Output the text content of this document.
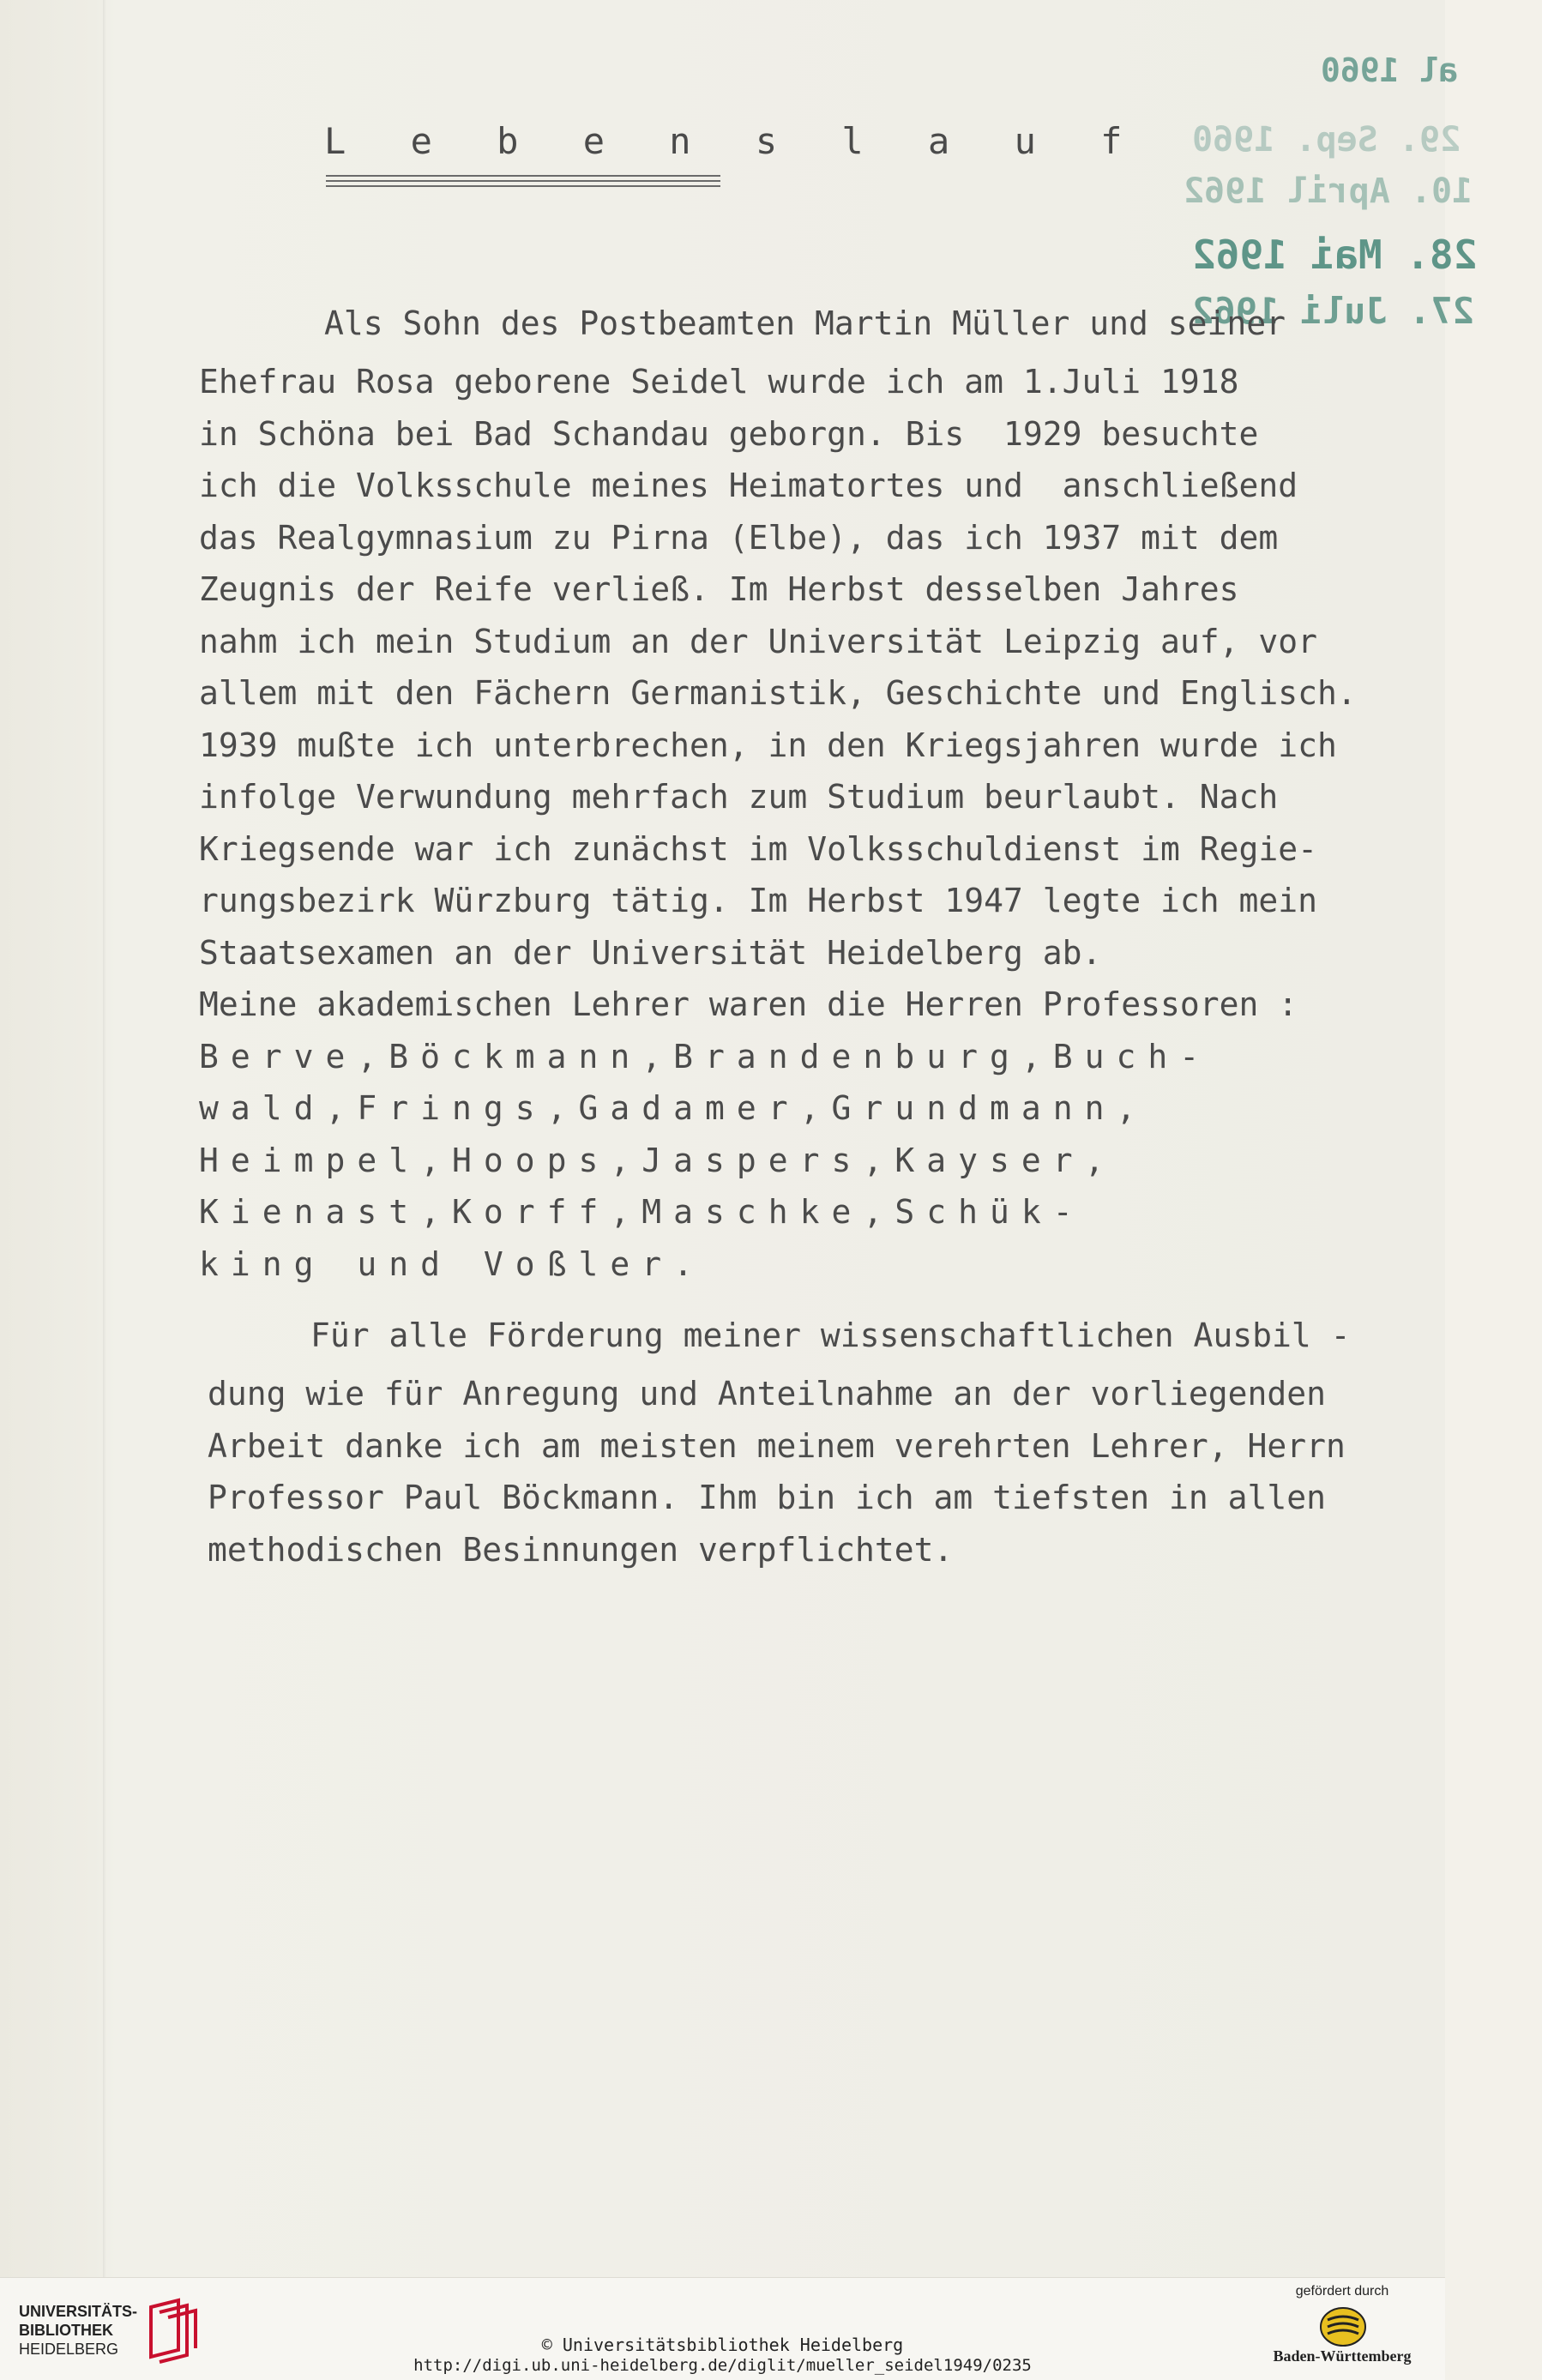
L e b e n s l a u f
al 1960
29. Sep. 1960
10. April 1962
28. Mai 1962
27. Juli 1962
Als Sohn des Postbeamten Martin Müller und seiner
Ehefrau Rosa geborene Seidel wurde ich am 1.Juli 1918
in Schöna bei Bad Schandau geborgn. Bis  1929 besuchte
ich die Volksschule meines Heimatortes und  anschließend
das Realgymnasium zu Pirna (Elbe), das ich 1937 mit dem
Zeugnis der Reife verließ. Im Herbst desselben Jahres
nahm ich mein Studium an der Universität Leipzig auf, vor
allem mit den Fächern Germanistik, Geschichte und Englisch.
1939 mußte ich unterbrechen, in den Kriegsjahren wurde ich
infolge Verwundung mehrfach zum Studium beurlaubt. Nach
Kriegsende war ich zunächst im Volksschuldienst im Regie-
rungsbezirk Würzburg tätig. Im Herbst 1947 legte ich mein
Staatsexamen an der Universität Heidelberg ab.
Meine akademischen Lehrer waren die Herren Professoren :
Berve,Böckmann,Brandenburg,Buch-
wald,Frings,Gadamer,Grundmann,
Heimpel,Hoops,Jaspers,Kayser,
Kienast,Korff,Maschke,Schük-
king und Voßler.
Für alle Förderung meiner wissenschaftlichen Ausbil -
dung wie für Anregung und Anteilnahme an der vorliegenden
Arbeit danke ich am meisten meinem verehrten Lehrer, Herrn
Professor Paul Böckmann. Ihm bin ich am tiefsten in allen
methodischen Besinnungen verpflichtet.
UNIVERSITÄTS-
BIBLIOTHEK
HEIDELBERG
gefördert durch
Baden-Württemberg
© Universitätsbibliothek Heidelberg
http://digi.ub.uni-heidelberg.de/diglit/mueller_seidel1949/0235
